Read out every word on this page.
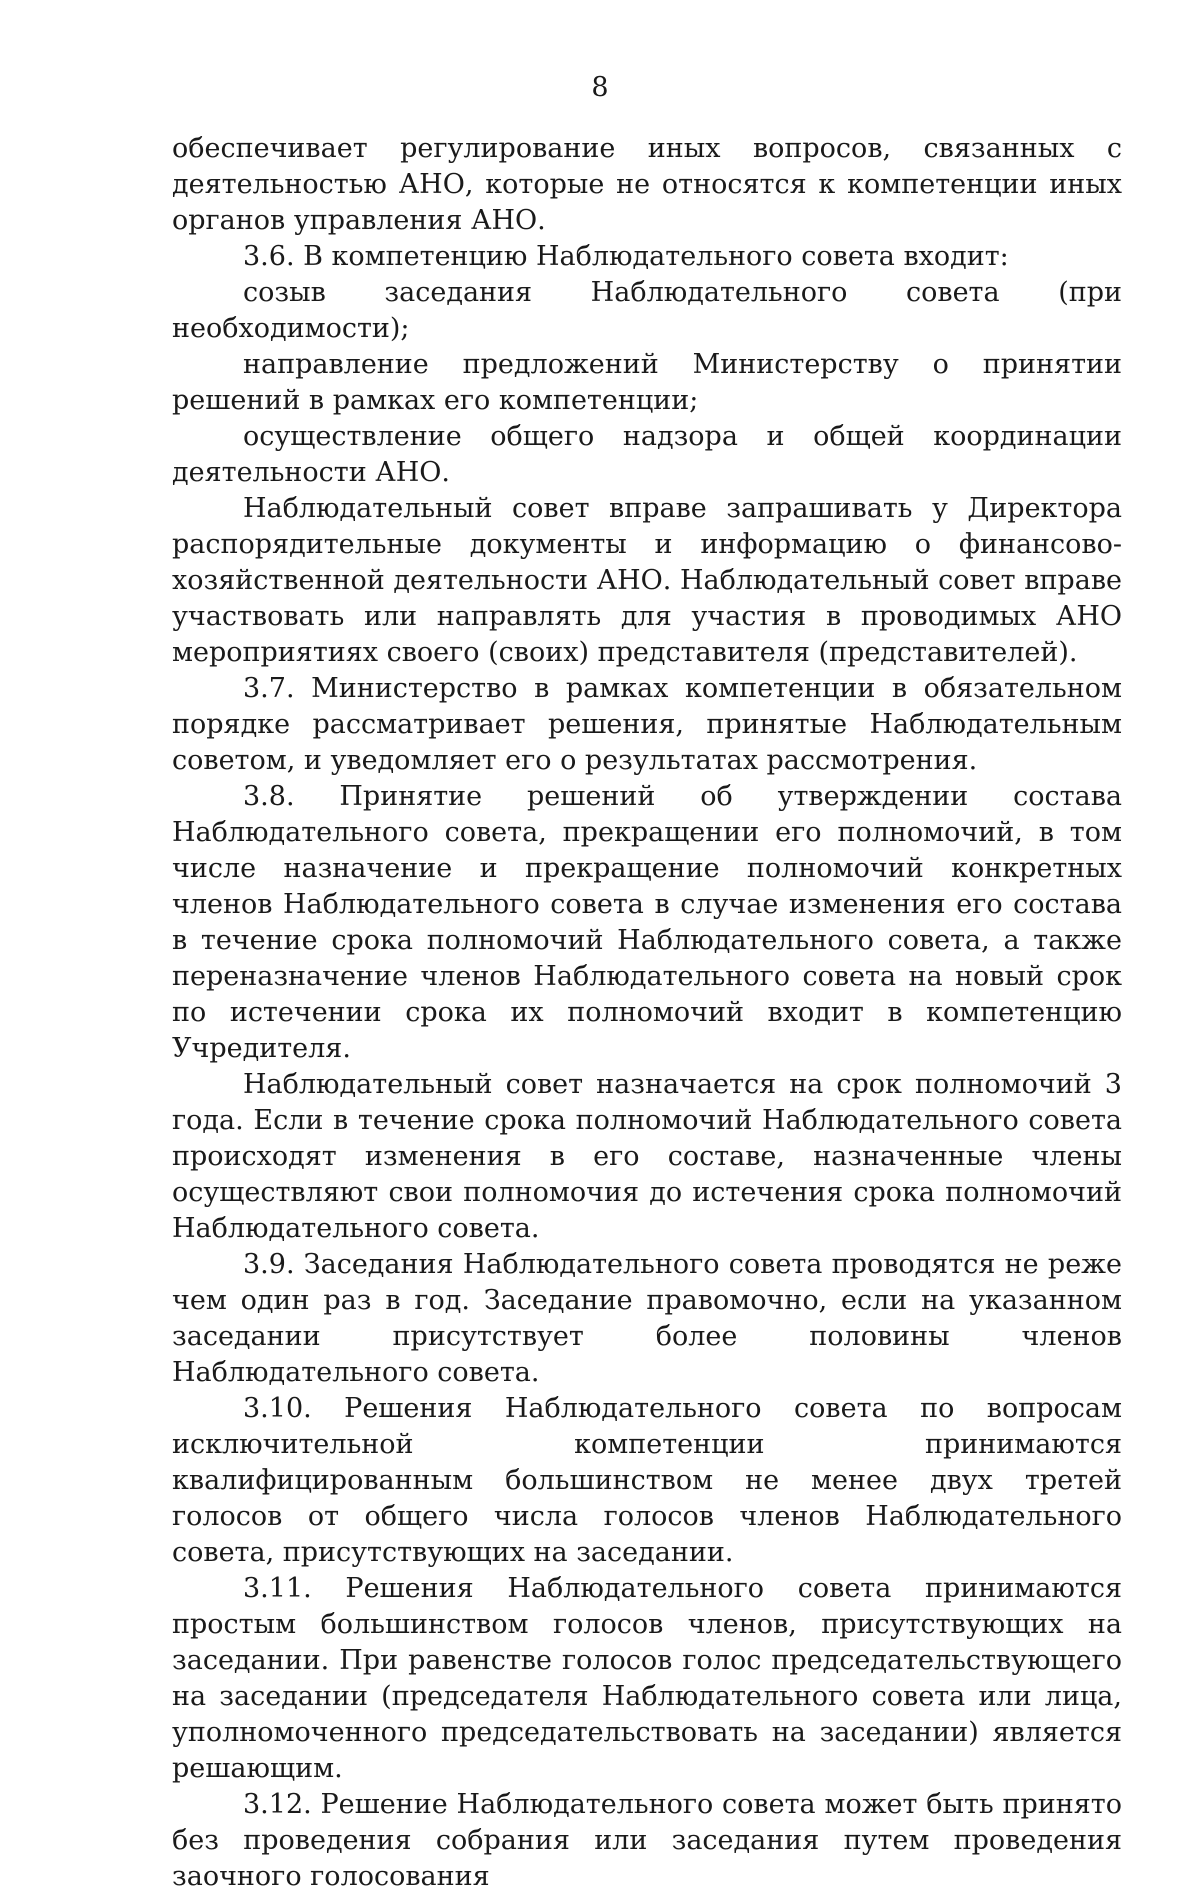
8

обеспечивает регулирование иных вопросов, связанных с деятельностью АНО, которые не относятся к компетенции иных органов управления АНО.

3.6. В компетенцию Наблюдательного совета входит:

созыв заседания Наблюдательного совета (при необходимости);

направление предложений Министерству о принятии решений в рамках его компетенции;

осуществление общего надзора и общей координации деятельности АНО.

Наблюдательный совет вправе запрашивать у Директора распорядительные документы и информацию о финансово-хозяйственной деятельности АНО. Наблюдательный совет вправе участвовать или направлять для участия в проводимых АНО мероприятиях своего (своих) представителя (представителей).

3.7. Министерство в рамках компетенции в обязательном порядке рассматривает решения, принятые Наблюдательным советом, и уведомляет его о результатах рассмотрения.

3.8. Принятие решений об утверждении состава Наблюдательного совета, прекращении его полномочий, в том числе назначение и прекращение полномочий конкретных членов Наблюдательного совета в случае изменения его состава в течение срока полномочий Наблюдательного совета, а также переназначение членов Наблюдательного совета на новый срок по истечении срока их полномочий входит в компетенцию Учредителя.

Наблюдательный совет назначается на срок полномочий 3 года. Если в течение срока полномочий Наблюдательного совета происходят изменения в его составе, назначенные члены осуществляют свои полномочия до истечения срока полномочий Наблюдательного совета.

3.9. Заседания Наблюдательного совета проводятся не реже чем один раз в год. Заседание правомочно, если на указанном заседании присутствует более половины членов Наблюдательного совета.

3.10. Решения Наблюдательного совета по вопросам исключительной компетенции принимаются квалифицированным большинством не менее двух третей голосов от общего числа голосов членов Наблюдательного совета, присутствующих на заседании.

3.11. Решения Наблюдательного совета принимаются простым большинством голосов членов, присутствующих на заседании. При равенстве голосов голос председательствующего на заседании (председателя Наблюдательного совета или лица, уполномоченного председательствовать на заседании) является решающим.

3.12. Решение Наблюдательного совета может быть принято без проведения собрания или заседания путем проведения заочного голосования
